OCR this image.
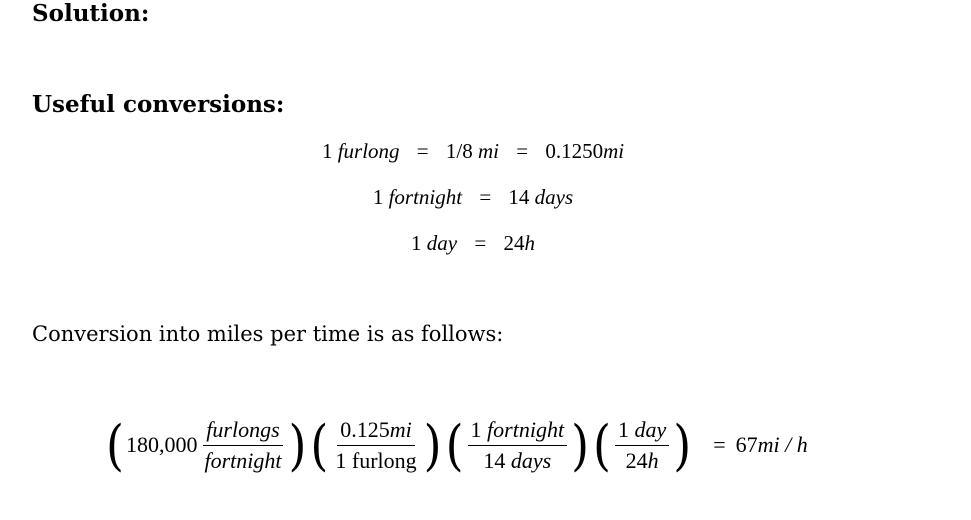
Solution:
Useful conversions:
1 furlong = 1/8 mi = 0.1250mi
1 fortnight = 14 days
1 day = 24h
Conversion into miles per time is as follows:
( $180,000 \frac{\text{furlongs}}{\text{fortnight}}$ ) ( $\frac{0.125mi}{\text{1 furlong}}$ ) ( $\frac{\text{1 fortnight}}{\text{14 days}}$ ) ( $\frac{\text{1 day}}{24h}$ )	= 67mi / h
